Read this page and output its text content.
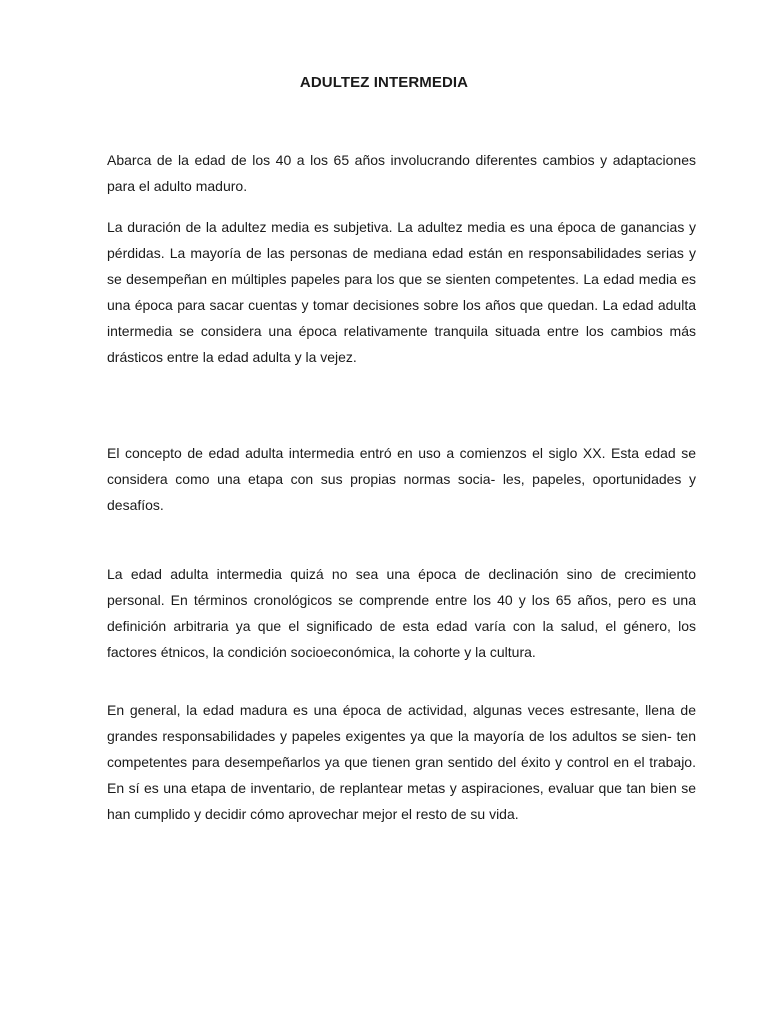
ADULTEZ INTERMEDIA

Abarca de la edad de los 40 a los 65 años involucrando diferentes cambios y adaptaciones para el adulto maduro.

La duración de la adultez media es subjetiva. La adultez media es una época de ganancias y pérdidas. La mayoría de las personas de mediana edad están en responsabilidades serias y se desempeñan en múltiples papeles para los que se sienten competentes. La edad media es una época para sacar cuentas y tomar decisiones sobre los años que quedan. La edad adulta intermedia se considera una época relativamente tranquila situada entre los cambios más drásticos entre la edad adulta y la vejez.

El concepto de edad adulta intermedia entró en uso a comienzos el siglo XX. Esta edad se considera como una etapa con sus propias normas socia- les, papeles, oportunidades y desafíos.

La edad adulta intermedia quizá no sea una época de declinación sino de crecimiento personal. En términos cronológicos se comprende entre los 40 y los 65 años, pero es una definición arbitraria ya que el significado de esta edad varía con la salud, el género, los factores étnicos, la condición socioeconómica, la cohorte y la cultura.

En general, la edad madura es una época de actividad, algunas veces estresante, llena de grandes responsabilidades y papeles exigentes ya que la mayoría de los adultos se sien- ten competentes para desempeñarlos ya que tienen gran sentido del éxito y control en el trabajo. En sí es una etapa de inventario, de replantear metas y aspiraciones, evaluar que tan bien se han cumplido y decidir cómo aprovechar mejor el resto de su vida.
